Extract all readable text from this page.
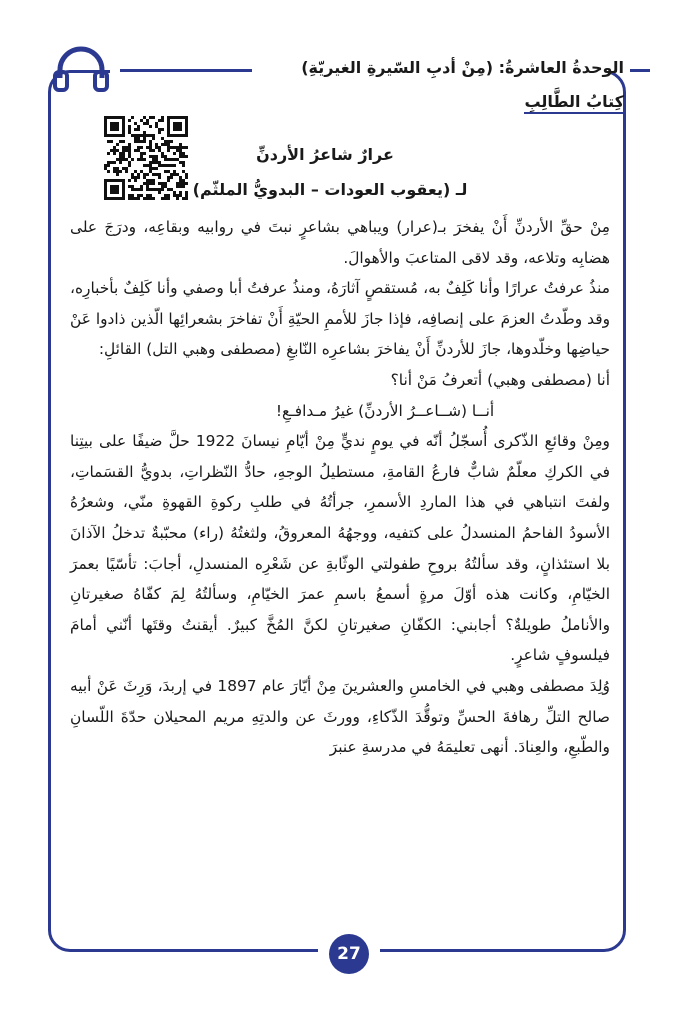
الوحدةُ العاشرةُ: (مِنْ أدبِ السّيرةِ الغيريّةِ)
كِتابُ الطَّالِبِ
عرارٌ شاعرُ الأردنِّ
لـ (يعقوب العودات – البدويُّ الملثّم)

مِنْ حقِّ الأردنِّ أَنْ يفخرَ بـ(عرار) ويباهي بشاعرٍ نبتَ في روابيه وبقاعِه، ودرَجَ على هضابِه وتلاعه، وقد لاقى المتاعبَ والأهوالَ.

منذُ عرفتُ عرارًا وأنا كَلِفٌ به، مُستقصٍ آثارَهُ، ومنذُ عرفتُ أبا وصفي وأنا كَلِفٌ بأخبارِه، وقد وطّدتُ العزمَ على إنصافِه، فإذا جازَ للأممِ الحيّةِ أَنْ تفاخرَ بشعرائِها الّذين ذادوا عَنْ حياضِها وخلّدوها، جازَ للأردنِّ أَنْ يفاخرَ بشاعرِه النّابغِ (مصطفى وهبي التل) القائلِ:

أنا (مصطفى وهبي) أتعرفُ مَنْ أنا؟

أنــا (شــاعــرُ الأردنِّ) غيرُ مـدافـعِ!

ومِنْ وقائعِ الذّكرى أُسجّلُ أنّه في يومٍ نديٍّ مِنْ أيّامِ نيسانَ 1922 حلَّ ضيفًا على بيتِنا في الكركِ معلّمٌ شابٌّ فارعُ القامةِ، مستطيلُ الوجهِ، حادُّ النّظراتِ، بدويُّ القسَماتِ، ولفتَ انتباهي في هذا الماردِ الأسمرِ، جرأتُهُ في طلبِ ركوةِ القهوةِ منّي، وشعرُهُ الأسودُ الفاحمُ المنسدلُ على كتفيه، ووجهُهُ المعروقُ، ولثغتُهُ (راء) محبّبةٌ تدخلُ الآذانَ بلا استئذانٍ، وقد سألتُهُ بروحِ طفولتي الوثّابةِ عن شَعْرِه المنسدلِ، أجابَ: تأسّيًا بعمرَ الخيّامِ، وكانت هذه أوّلَ مرةٍ أسمعُ باسمِ عمرَ الخيّامِ، وسألتُهُ لِمَ كفّاهُ صغيرتانِ والأناملُ طويلةٌ؟ أجابني: الكفّانِ صغيرتانِ لكنَّ المُخَّ كبيرٌ. أيقنتُ وقتَها أنّني أمامَ فيلسوفٍ شاعرٍ.

وُلِدَ مصطفى وهبي في الخامسِ والعشرينَ مِنْ أيّارَ عام 1897 في إربدَ، وَرِثَ عَنْ أبيه صالح التلِّ رهافةَ الحسِّ وتوقُّدَ الذّكاءِ، وورثَ عن والدتِهِ مريم المحيلان حدّةَ اللّسانِ والطّبعِ، والعِنادَ. أنهى تعليمَهُ في مدرسةِ عنبرَ

27
